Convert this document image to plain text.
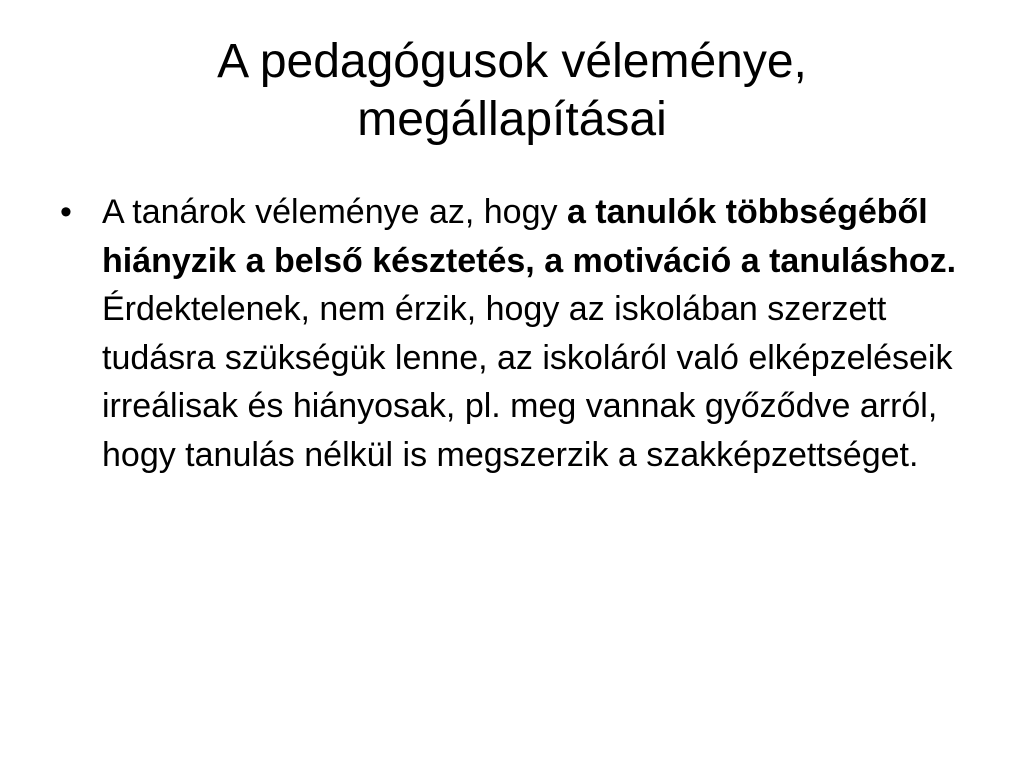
A pedagógusok véleménye,
megállapításai
• A tanárok véleménye az, hogy a tanulók többségéből hiányzik a belső késztetés, a motiváció a tanuláshoz. Érdektelenek, nem érzik, hogy az iskolában szerzett tudásra szükségük lenne, az iskoláról való elképzeléseik irreálisak és hiányosak, pl. meg vannak győződve arról, hogy tanulás nélkül is megszerzik a szakképzettséget.
